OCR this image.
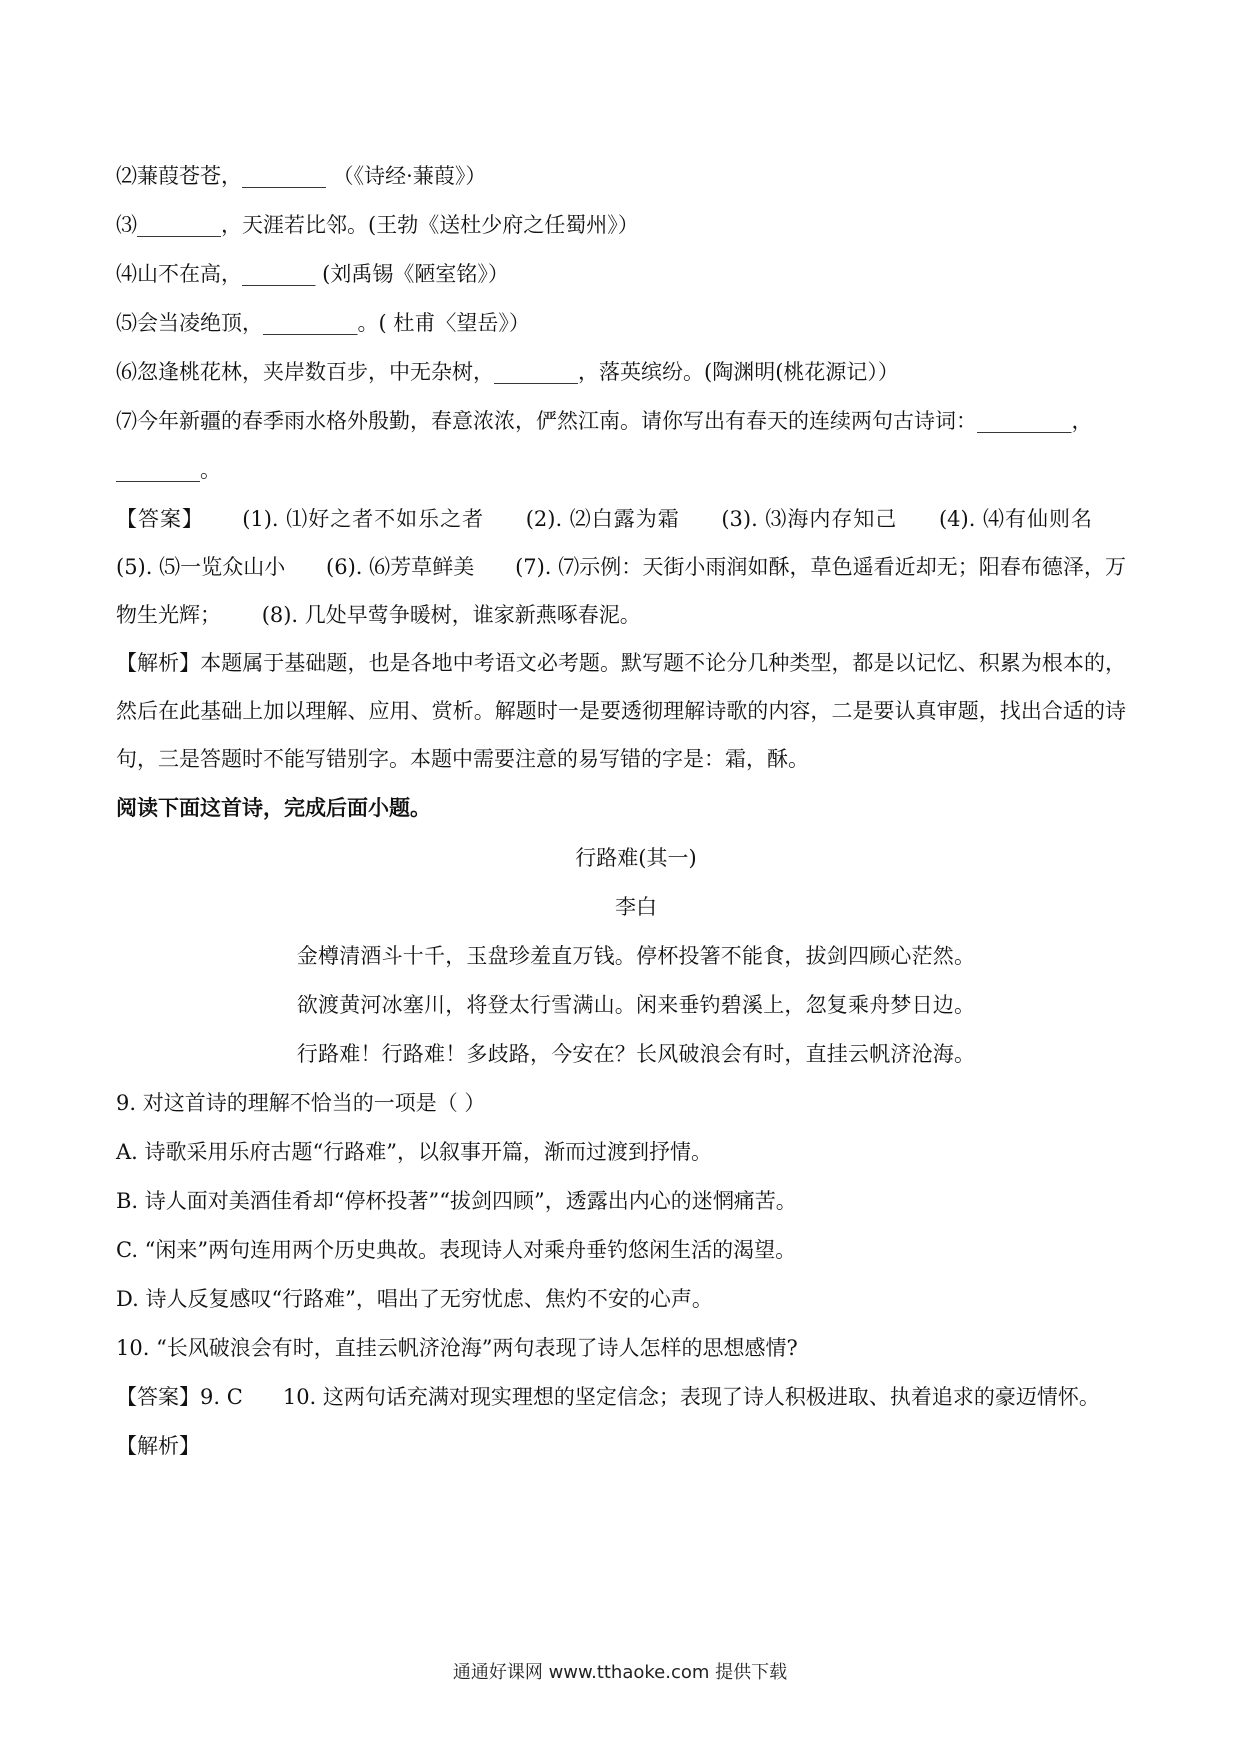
⑵蒹葭苍苍，________ （《诗经·蒹葭》）
⑶________，天涯若比邻。(王勃《送杜少府之任蜀州》）
⑷山不在高，_______ (刘禹锡《陋室铭》）
⑸会当凌绝顶，_________。( 杜甫〈望岳》）
⑹忽逢桃花林，夹岸数百步，中无杂树，________，落英缤纷。(陶渊明(桃花源记））
⑺今年新疆的春季雨水格外殷勤，春意浓浓，俨然江南。请你写出有春天的连续两句古诗词：_________，
________。
【答案】 (1). ⑴好之者不如乐之者 (2). ⑵白露为霜 (3). ⑶海内存知己 (4). ⑷有仙则名 (5). ⑸一览众山小 (6). ⑹芳草鲜美 (7). ⑺示例：天街小雨润如酥，草色遥看近却无；阳春布德泽，万物生光辉； (8). 几处早莺争暖树，谁家新燕啄春泥。
【解析】本题属于基础题，也是各地中考语文必考题。默写题不论分几种类型，都是以记忆、积累为根本的，然后在此基础上加以理解、应用、赏析。解题时一是要透彻理解诗歌的内容，二是要认真审题，找出合适的诗句，三是答题时不能写错别字。本题中需要注意的易写错的字是：霜，酥。
阅读下面这首诗，完成后面小题。
行路难(其一)
李白
金樽清酒斗十千，玉盘珍羞直万钱。停杯投箸不能食，拔剑四顾心茫然。
欲渡黄河冰塞川，将登太行雪满山。闲来垂钓碧溪上，忽复乘舟梦日边。
行路难！行路难！多歧路，今安在？长风破浪会有时，直挂云帆济沧海。
9. 对这首诗的理解不恰当的一项是（ ）
A. 诗歌采用乐府古题“行路难”，以叙事开篇，渐而过渡到抒情。
B. 诗人面对美酒佳肴却“停杯投著”“拔剑四顾”，透露出内心的迷惘痛苦。
C. “闲来”两句连用两个历史典故。表现诗人对乘舟垂钓悠闲生活的渴望。
D. 诗人反复感叹“行路难”，唱出了无穷忧虑、焦灼不安的心声。
10. “长风破浪会有时，直挂云帆济沧海”两句表现了诗人怎样的思想感情?
【答案】9. C      10. 这两句话充满对现实理想的坚定信念；表现了诗人积极进取、执着追求的豪迈情怀。
【解析】
通通好课网 www.tthaoke.com 提供下载
